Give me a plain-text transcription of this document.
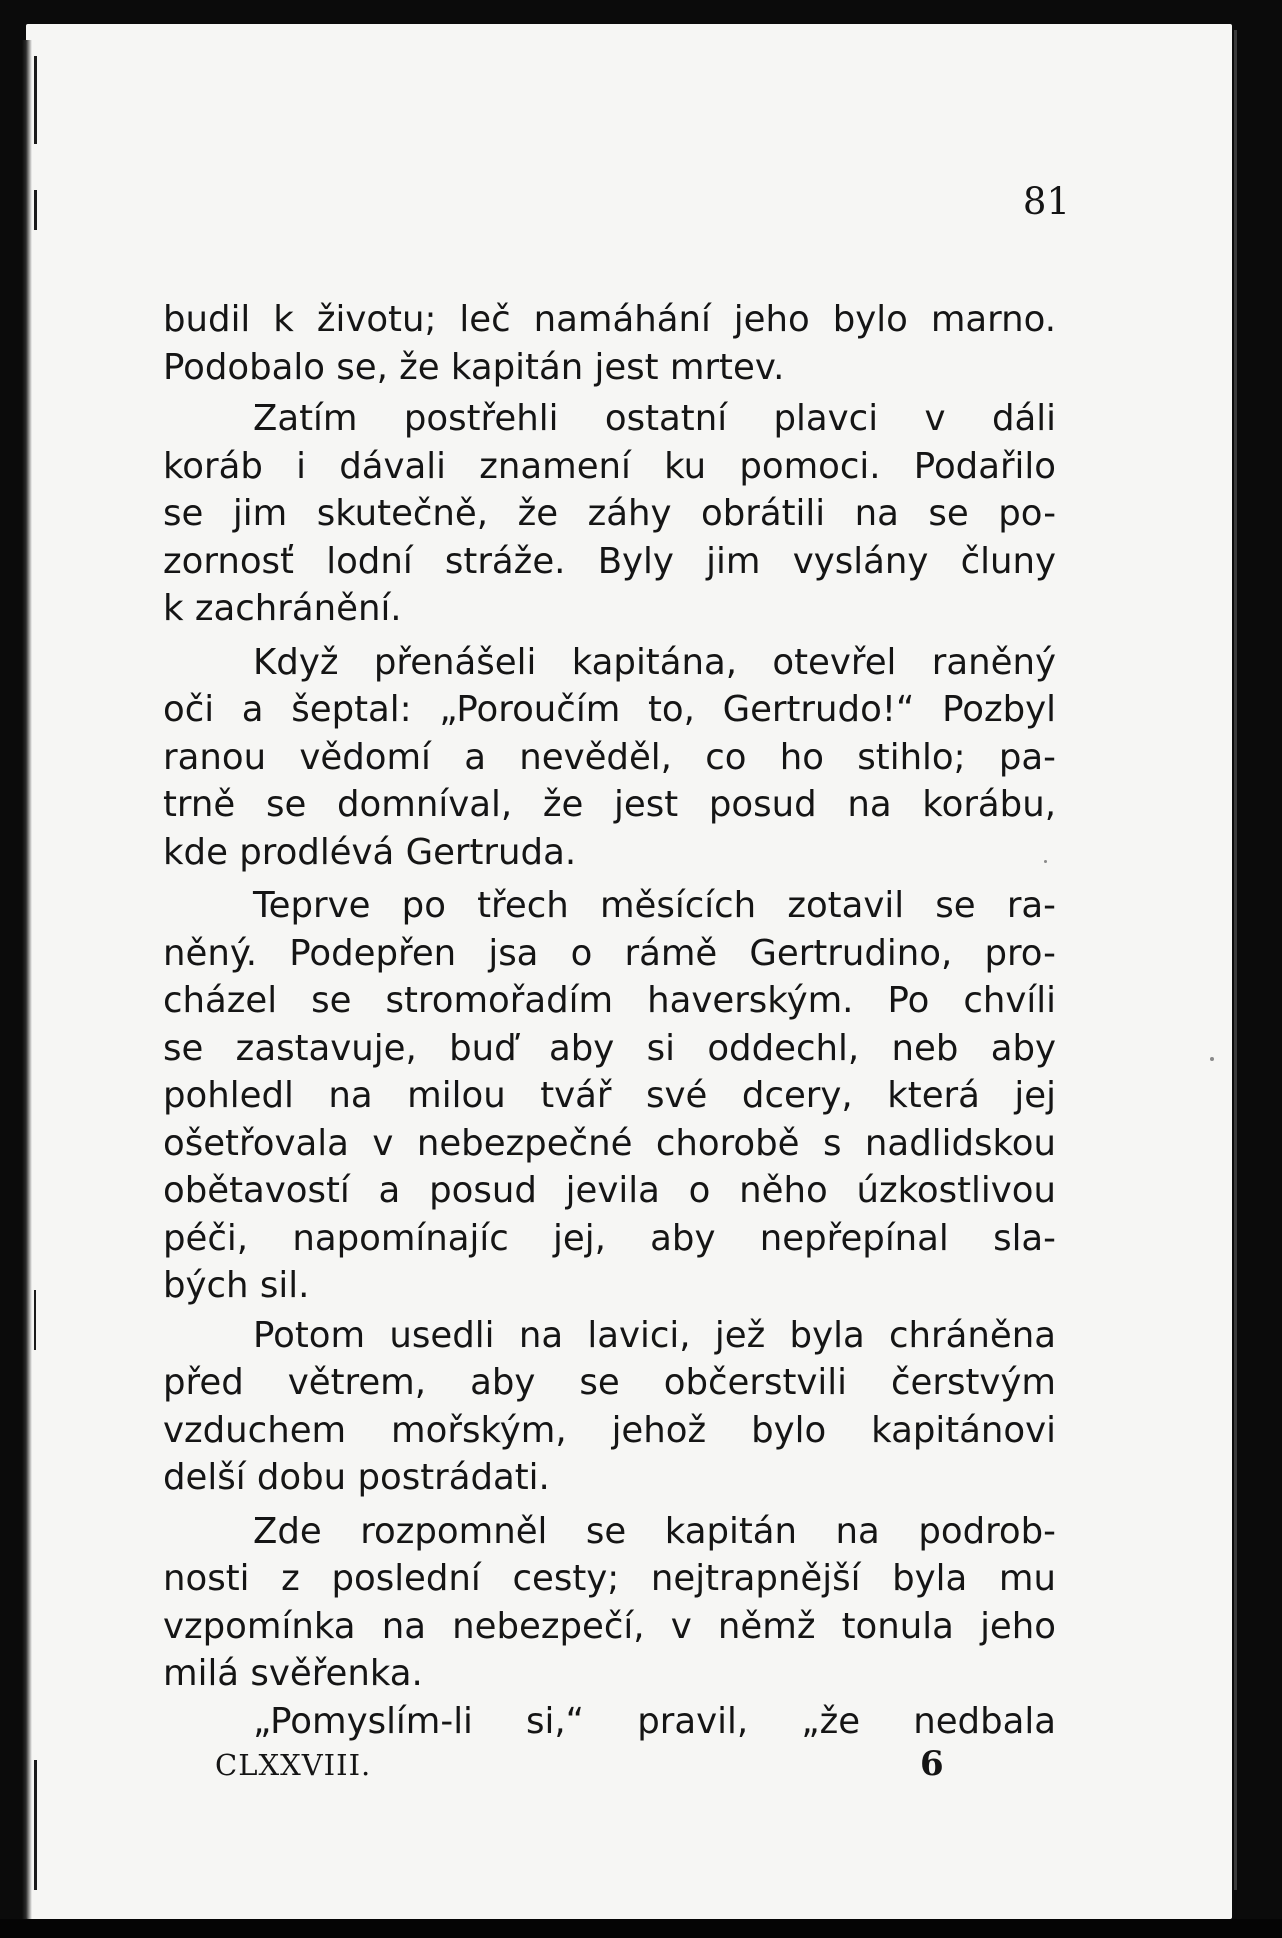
81
budil k životu; leč namáhání jeho bylo marno.
Podobalo se, že kapitán jest mrtev.
Zatím postřehli ostatní plavci v dáli
koráb i dávali znamení ku pomoci. Podařilo
se jim skutečně, že záhy obrátili na se po-
zornosť lodní stráže. Byly jim vyslány čluny
k zachránění.
Když přenášeli kapitána, otevřel raněný
oči a šeptal: „Poroučím to, Gertrudo!“ Pozbyl
ranou vědomí a nevěděl, co ho stihlo; pa-
trně se domníval, že jest posud na korábu,
kde prodlévá Gertruda.
Teprve po třech měsících zotavil se ra-
něný. Podepřen jsa o rámě Gertrudino, pro-
cházel se stromořadím haverským. Po chvíli
se zastavuje, buď aby si oddechl, neb aby
pohledl na milou tvář své dcery, která jej
ošetřovala v nebezpečné chorobě s nadlidskou
obětavostí a posud jevila o něho úzkostlivou
péči, napomínajíc jej, aby nepřepínal sla-
bých sil.
Potom usedli na lavici, jež byla chráněna
před větrem, aby se občerstvili čerstvým
vzduchem mořským, jehož bylo kapitánovi
delší dobu postrádati.
Zde rozpomněl se kapitán na podrob-
nosti z poslední cesty; nejtrapnější byla mu
vzpomínka na nebezpečí, v němž tonula jeho
milá svěřenka.
„Pomyslím-li si,“ pravil, „že nedbala
CLXXVIII.	6
